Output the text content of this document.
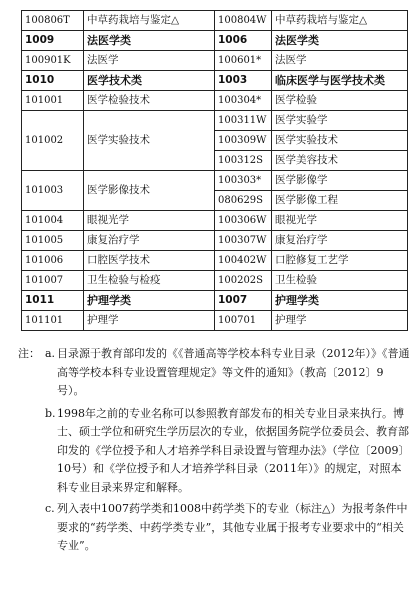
100806T	中草药栽培与鉴定△	100804W	中草药栽培与鉴定△
1009	法医学类	1006	法医学类
100901K	法医学	100601*	法医学
1010	医学技术类	1003	临床医学与医学技术类
101001	医学检验技术	100304*	医学检验
101002	医学实验技术	100311W	医学实验学
		100309W	医学实验技术
		100312S	医学美容技术
101003	医学影像技术	100303*	医学影像学
		080629S	医学影像工程
101004	眼视光学	100306W	眼视光学
101005	康复治疗学	100307W	康复治疗学
101006	口腔医学技术	100402W	口腔修复工艺学
101007	卫生检验与检疫	100202S	卫生检验
1011	护理学类	1007	护理学类
101101	护理学	100701	护理学
注： a. 目录源于教育部印发的《《普通高等学校本科专业目录（2012年）》《普通高等学校本科专业设置管理规定》等文件的通知》（教高〔2012〕9号）。
b. 1998年之前的专业名称可以参照教育部发布的相关专业目录来执行。博士、硕士学位和研究生学历层次的专业，依据国务院学位委员会、教育部印发的《学位授予和人才培养学科目录设置与管理办法》（学位〔2009〕10号）和《学位授予和人才培养学科目录（2011年）》的规定，对照本科专业目录来界定和解释。
c. 列入表中1007药学类和1008中药学类下的专业（标注△）为报考条件中要求的“药学类、中药学类专业”，其他专业属于报考专业要求中的“相关专业”。
